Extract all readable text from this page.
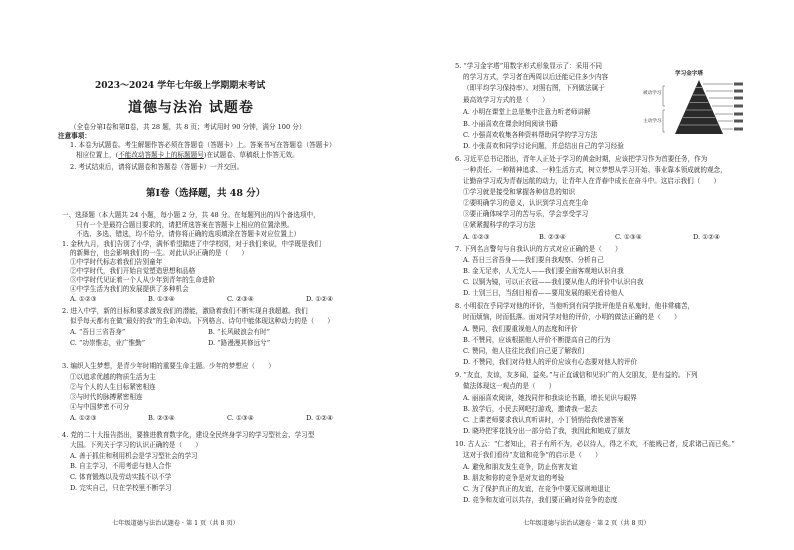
2023～2024 学年七年级上学期期末考试
道德与法治 试题卷
（全卷分第Ⅰ卷和第Ⅱ卷，共 28 题，共 8 页；考试用时 90 分钟，满分 100 分）
注意事项：
1. 本卷为试题卷。考生解题作答必须在答题卷（答题卡）上。答案书写在答题卷（答题卡）
相应位置上，(不能改动答题卡上的标题题号)在试题卷、草稿纸上作答无效。
2. 考试结束后，请将试题卷和答题卷（答题卡）一并交回。
第Ⅰ卷（选择题，共 48 分）
一、选择题（本大题共 24 小题，每小题 2 分，共 48 分。在每题列出的四个备选项中，
只有一个是最符合题目要求的，请把所选答案在答题卡上相应的位置涂黑。
不选、多选、错选，均不给分，请你将正确的选项填涂在答题卡对应位置上）
1. 金秋九月，我们告别了小学，满怀希望踏进了中学校园，对于我们来说，中学既是我们
的新舞台，也会影响我们的一生。对此认识正确的是（　　）
①中学时代标志着我们告别童年
②中学时代，我们开始自觉塑造思想和品格
③中学时代见证着一个人从少年到青年的生命进阶
④中学生活为我们的发展提供了多种机会
A. ①②③	B. ①③④	C. ②③④	D. ①②④
2. 进入中学，新的目标和要求激发我们的潜能，激励着我们不断实现自我超越。我们
似乎每天都有在做“最好的我”的生命冲动。下列格言、诗句中能体现这种动力的是（　　）
A. “吾日三省吾身”	B. “长风破浪会有时”
C. “功崇惟志，业广惟勤”	D. “路漫漫其修远兮”
3. 编织人生梦想，是青少年时期的重要生命主题。少年的梦想应（　　）
①以追求优越的物质生活为主
②与个人的人生目标紧密相连
③与时代的脉搏紧密相连
④与中国梦密不可分
A. ①②③	B. ②③④	C. ①③④	D. ①②④
4. 党的二十大报告指出，要推进教育数字化，建设全民终身学习的学习型社会、学习型
大国。下列关于学习的认识正确的是（　　）
A. 善于抓住和利用机会是学习型社会的学习
B. 自主学习，不用考虑与他人合作
C. 体育锻炼以及劳动实践不以不学
D. 完实自己，只在学校里不断学习
七年级道德与法治试题卷 · 第 1 页（共 8 页）
5. “学习金字塔”用数字形式形象显示了：采用不同
的学习方式，学习者在两周以后还能记住多少内容
（即平均学习保持率）。对照右图，下列做法属于
最高效学习方式的是（　　）
A. 小明在课堂上总是集中注意力听老师讲解
B. 小丽喜欢在课余时间阅读书籍
C. 小强喜欢收集各种资料帮助同学的学习方法
D. 小张喜欢和同学讨论问题，并总结出自己的学习经验
学习金字塔
被动学习
主动学习
6. 习近平总书记指出，青年人正处于学习的黄金时期，应该把学习作为首要任务，作为
一种责任、一种精神追求、一种生活方式，树立梦想从学习开始、事业靠本领成就的观念，
让勤奋学习成为青春远航的动力，让青年人在青春中成长在奋斗中。这启示我们（　　）
①学习就是接受和掌握各种信息的知识
②要明确学习的意义，认识到学习点亮生命
③要正确体味学习的苦与乐，学会享受学习
④紧紧握科学的学习方法
A. ①②③	B. ②③④	C. ①③④	D. ①②④
7. 下列名言警句与自我认识的方式对应正确的是（　　）
A. 吾日三省吾身——我们要自我观察、分析自己
B. 金无足赤，人无完人——我们要全面客观地认识自我
C. 以铜为镜，可以正衣冠——我们要从他人的评价中认识自我
D. 士别三日，当刮目相看——要用发展的眼光看待他人
8. 小明很在乎同学对他的评价，当他听到有同学批评他是自私鬼时，他非常痛苦，
时而烦恼，时而低落。面对同学对他的评价，小明的做法正确的是（　　）
A. 赞同，我们要重视他人的态度和评价
B. 不赞同，应该根据他人评价不断提高自己的行为
C. 赞同，他人往往比我们自己更了解我们
D. 不赞同，我们对待他人的评价应该有心态要对他人的评价
9. “友直，友谅，友多闻，益矣。”与正直诚信和见识广的人交朋友，是有益的。下列
做法体现这一观点的是（　　）
A. 丽丽喜欢阅读，她找同伴和我谈论书籍，增长见识与眼界
B. 放学后，小民去网吧打游戏，邀请我一起去
C. 上课老师要求我认真听讲时，小丁悄悄给我传递答案
D. 晓玲把零花钱分出一部分给了我，我因此和她成了朋友
10. 古人云：“仁者知止，君子有所不为，必以待人，得之不欢，不能贱己者，反求诸己而已矣。”
这对于我们看待“友谊和竞争”的启示是（　　）
A. 避免和朋友发生竞争，防止伤害友谊
B. 朋友和你的竞争是对友谊的考验
C. 为了保护真正的友谊，在竞争中要无原则地退让
D. 竞争和友谊可以共存，我们要正确对待竞争的态度
七年级道德与法治试题卷 · 第 2 页（共 8 页）
